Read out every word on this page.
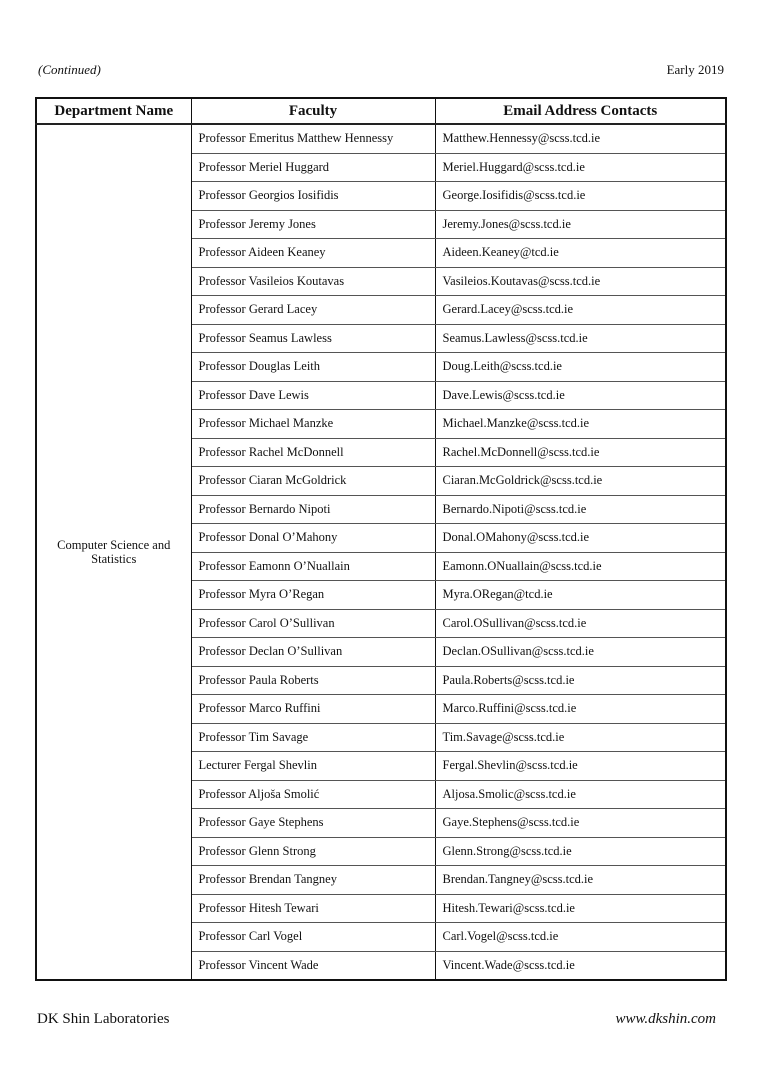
(Continued)	Early 2019
Department Name	Faculty	Email Address Contacts
Computer Science and Statistics	Professor Emeritus Matthew Hennessy	Matthew.Hennessy@scss.tcd.ie
	Professor Meriel Huggard	Meriel.Huggard@scss.tcd.ie
	Professor Georgios Iosifidis	George.Iosifidis@scss.tcd.ie
	Professor Jeremy Jones	Jeremy.Jones@scss.tcd.ie
	Professor Aideen Keaney	Aideen.Keaney@tcd.ie
	Professor Vasileios Koutavas	Vasileios.Koutavas@scss.tcd.ie
	Professor Gerard Lacey	Gerard.Lacey@scss.tcd.ie
	Professor Seamus Lawless	Seamus.Lawless@scss.tcd.ie
	Professor Douglas Leith	Doug.Leith@scss.tcd.ie
	Professor Dave Lewis	Dave.Lewis@scss.tcd.ie
	Professor Michael Manzke	Michael.Manzke@scss.tcd.ie
	Professor Rachel McDonnell	Rachel.McDonnell@scss.tcd.ie
	Professor Ciaran McGoldrick	Ciaran.McGoldrick@scss.tcd.ie
	Professor Bernardo Nipoti	Bernardo.Nipoti@scss.tcd.ie
	Professor Donal O’Mahony	Donal.OMahony@scss.tcd.ie
	Professor Eamonn O’Nuallain	Eamonn.ONuallain@scss.tcd.ie
	Professor Myra O’Regan	Myra.ORegan@tcd.ie
	Professor Carol O’Sullivan	Carol.OSullivan@scss.tcd.ie
	Professor Declan O’Sullivan	Declan.OSullivan@scss.tcd.ie
	Professor Paula Roberts	Paula.Roberts@scss.tcd.ie
	Professor Marco Ruffini	Marco.Ruffini@scss.tcd.ie
	Professor Tim Savage	Tim.Savage@scss.tcd.ie
	Lecturer Fergal Shevlin	Fergal.Shevlin@scss.tcd.ie
	Professor Aljoša Smolić	Aljosa.Smolic@scss.tcd.ie
	Professor Gaye Stephens	Gaye.Stephens@scss.tcd.ie
	Professor Glenn Strong	Glenn.Strong@scss.tcd.ie
	Professor Brendan Tangney	Brendan.Tangney@scss.tcd.ie
	Professor Hitesh Tewari	Hitesh.Tewari@scss.tcd.ie
	Professor Carl Vogel	Carl.Vogel@scss.tcd.ie
	Professor Vincent Wade	Vincent.Wade@scss.tcd.ie
DK Shin Laboratories	www.dkshin.com
